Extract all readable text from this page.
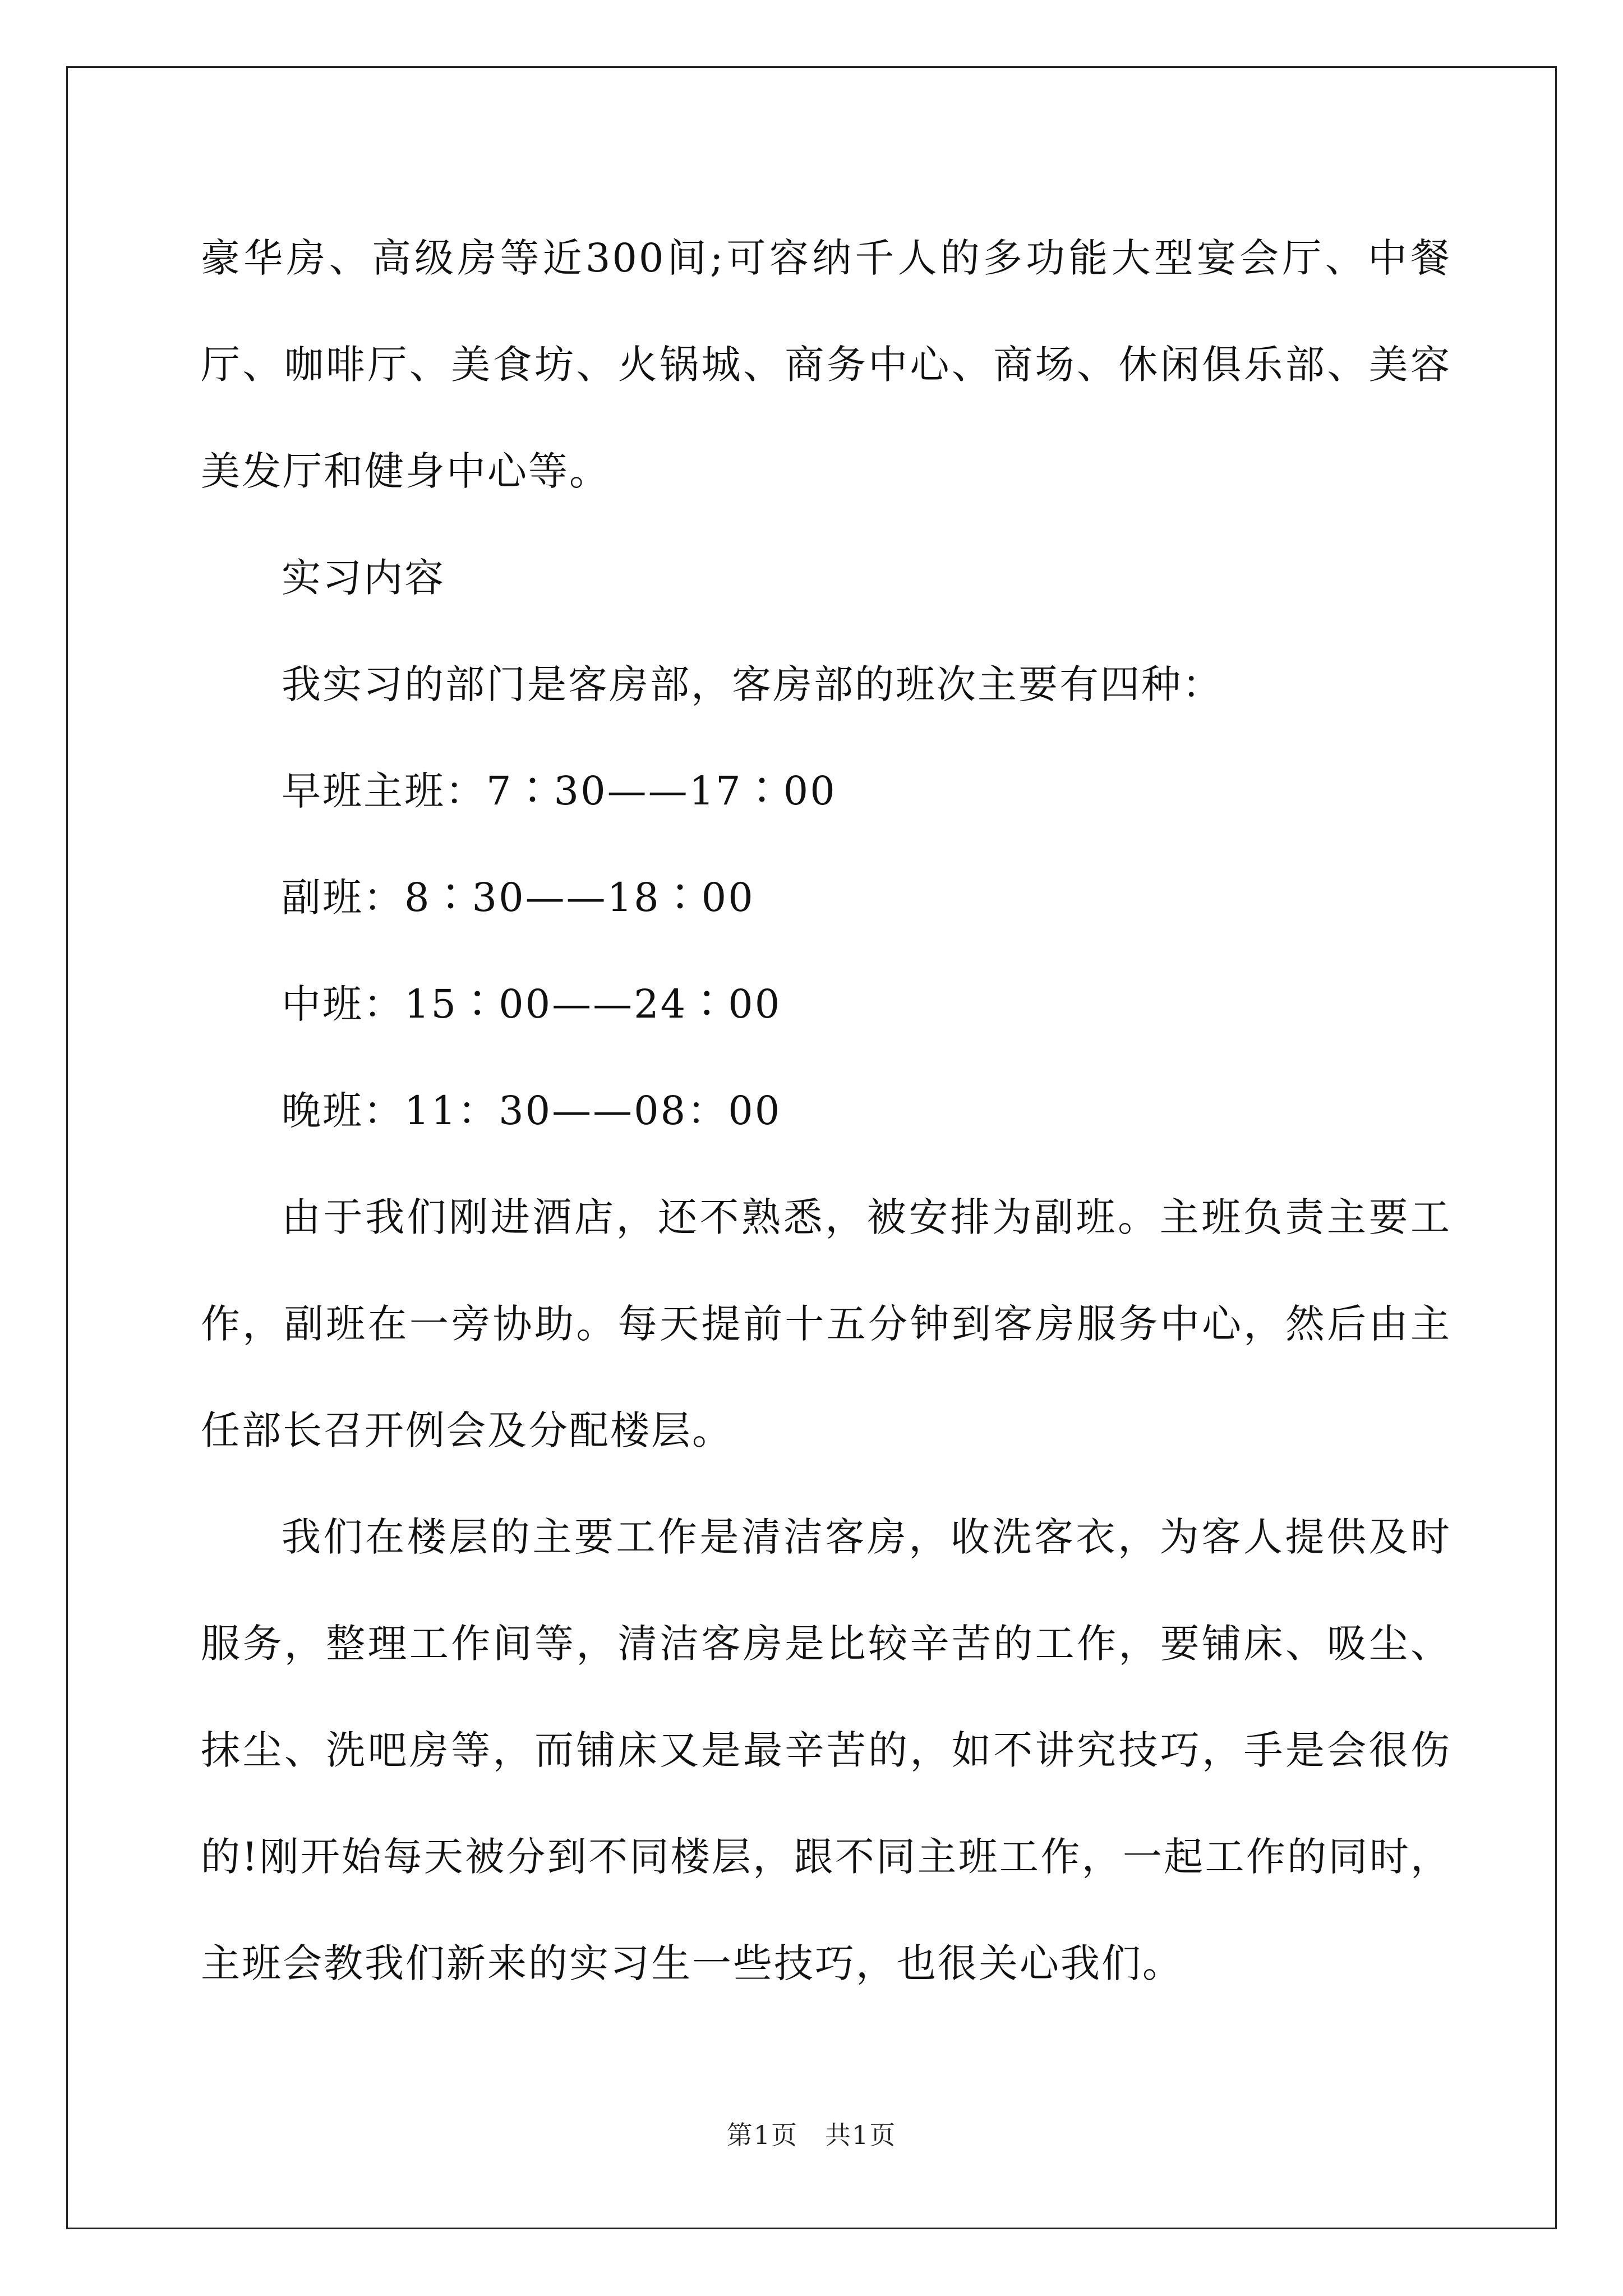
豪华房、高级房等近300间;可容纳千人的多功能大型宴会厅、中餐厅、咖啡厅、美食坊、火锅城、商务中心、商场、休闲俱乐部、美容美发厅和健身中心等。

实习内容

我实习的部门是客房部，客房部的班次主要有四种：

早班主班：7∶30——17∶00

副班：8∶30——18∶00

中班：15∶00——24∶00

晚班：11：30——08：00

由于我们刚进酒店，还不熟悉，被安排为副班。主班负责主要工作，副班在一旁协助。每天提前十五分钟到客房服务中心，然后由主任部长召开例会及分配楼层。

我们在楼层的主要工作是清洁客房，收洗客衣，为客人提供及时服务，整理工作间等，清洁客房是比较辛苦的工作，要铺床、吸尘、抹尘、洗吧房等，而铺床又是最辛苦的，如不讲究技巧，手是会很伤的!刚开始每天被分到不同楼层，跟不同主班工作，一起工作的同时，主班会教我们新来的实习生一些技巧，也很关心我们。

第1页　共1页
